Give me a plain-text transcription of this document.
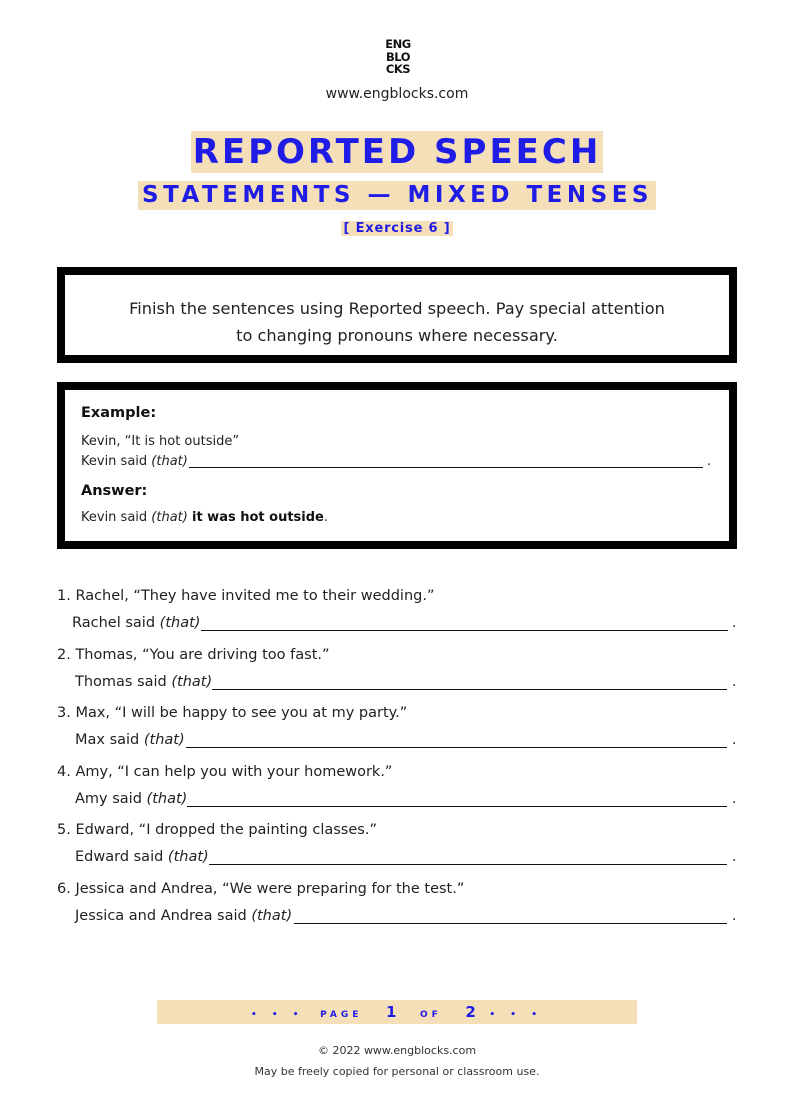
ENG
BLO
CKS
www.engblocks.com
REPORTED SPEECH
STATEMENTS — MIXED TENSES
[ Exercise 6 ]
Finish the sentences using Reported speech. Pay special attention
to changing pronouns where necessary.
Example:
Kevin, “It is hot outside”
Kevin said (that)	.
Answer:
Kevin said (that) it was hot outside.
1. Rachel, “They have invited me to their wedding.”
Rachel said (that)	.
2. Thomas, “You are driving too fast.”
Thomas said (that)	.
3. Max, “I will be happy to see you at my party.”
Max said (that)	.
4. Amy, “I can help you with your homework.”
Amy said (that)	.
5. Edward, “I dropped the painting classes.”
Edward said (that)	.
6. Jessica and Andrea, “We were preparing for the test.”
Jessica and Andrea said (that)	.
• • • PAGE 1	OF 2 • • •
© 2022 www.engblocks.com
May be freely copied for personal or classroom use.
